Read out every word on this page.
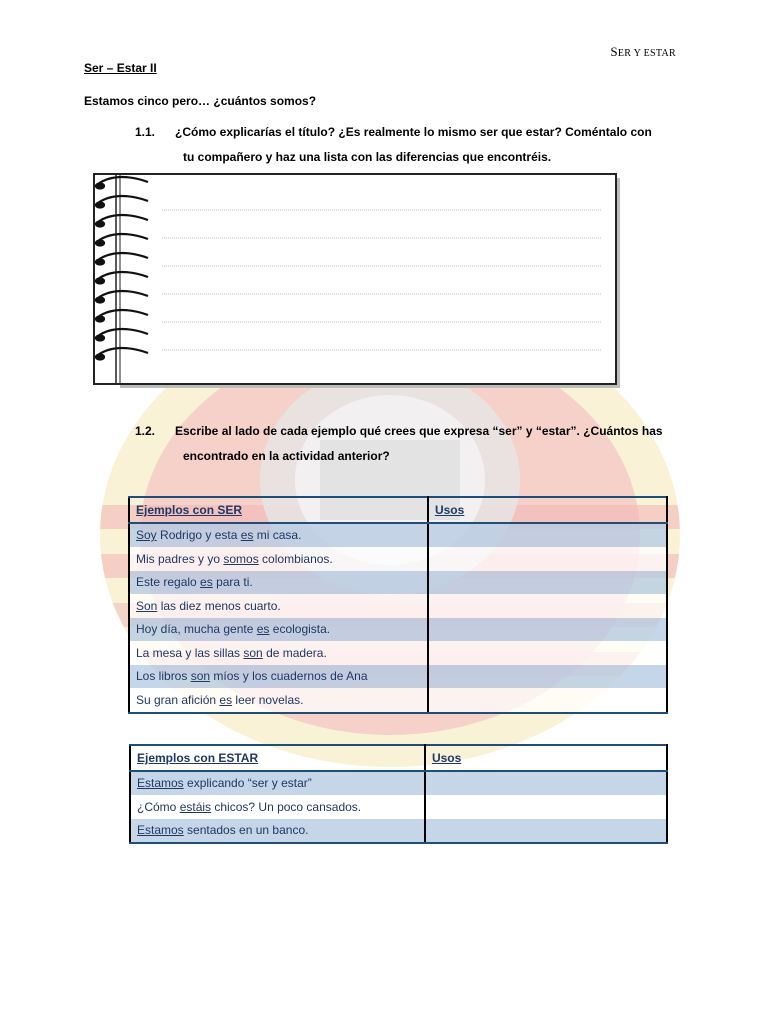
SER Y ESTAR
Ser – Estar II
Estamos cinco pero… ¿cuántos somos?
1.1. ¿Cómo explicarías el título? ¿Es realmente lo mismo ser que estar? Coméntalo con
tu compañero y haz una lista con las diferencias que encontréis.
1.2. Escribe al lado de cada ejemplo qué crees que expresa “ser” y “estar”. ¿Cuántos has
encontrado en la actividad anterior?
Ejemplos con SER	Usos
Soy Rodrigo y esta es mi casa.	
Mis padres y yo somos colombianos.	
Este regalo es para ti.	
Son las diez menos cuarto.	
Hoy día, mucha gente es ecologista.	
La mesa y las sillas son de madera.	
Los libros son míos y los cuadernos de Ana	
Su gran afición es leer novelas.	
Ejemplos con ESTAR	Usos
Estamos explicando “ser y estar”	
¿Cómo estáis chicos? Un poco cansados.	
Estamos sentados en un banco.	
